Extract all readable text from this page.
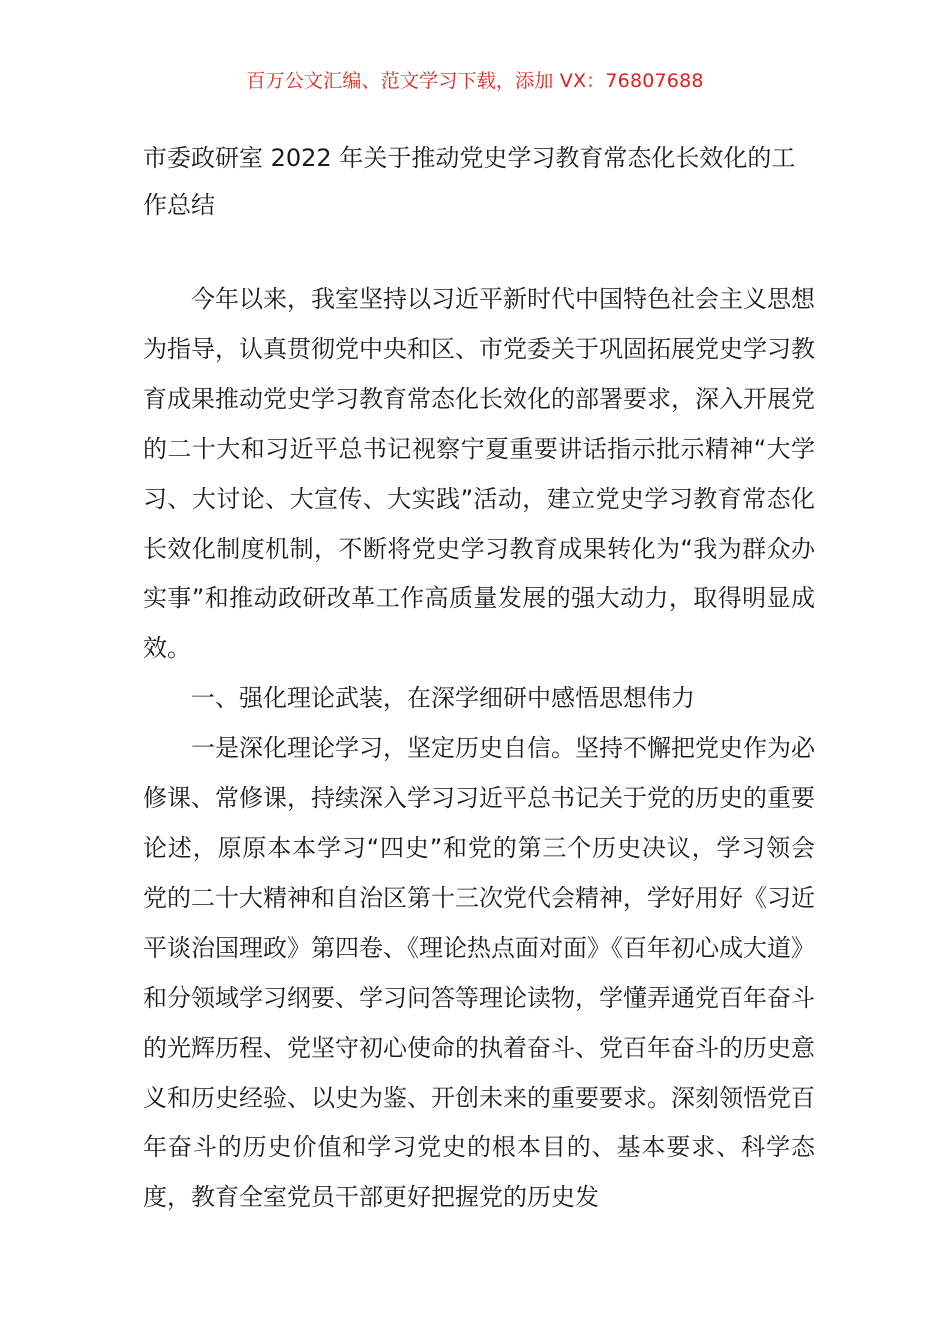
百万公文汇编、范文学习下载，添加 VX：76807688
市委政研室 2022 年关于推动党史学习教育常态化长效化的工作总结

今年以来，我室坚持以习近平新时代中国特色社会主义思想为指导，认真贯彻党中央和区、市党委关于巩固拓展党史学习教育成果推动党史学习教育常态化长效化的部署要求，深入开展党的二十大和习近平总书记视察宁夏重要讲话指示批示精神“大学习、大讨论、大宣传、大实践”活动，建立党史学习教育常态化长效化制度机制，不断将党史学习教育成果转化为“我为群众办实事”和推动政研改革工作高质量发展的强大动力，取得明显成效。

一、强化理论武装，在深学细研中感悟思想伟力

一是深化理论学习，坚定历史自信。坚持不懈把党史作为必修课、常修课，持续深入学习习近平总书记关于党的历史的重要论述，原原本本学习“四史”和党的第三个历史决议，学习领会党的二十大精神和自治区第十三次党代会精神，学好用好《习近平谈治国理政》第四卷、《理论热点面对面》《百年初心成大道》和分领域学习纲要、学习问答等理论读物，学懂弄通党百年奋斗的光辉历程、党坚守初心使命的执着奋斗、党百年奋斗的历史意义和历史经验、以史为鉴、开创未来的重要要求。深刻领悟党百年奋斗的历史价值和学习党史的根本目的、基本要求、科学态度，教育全室党员干部更好把握党的历史发
